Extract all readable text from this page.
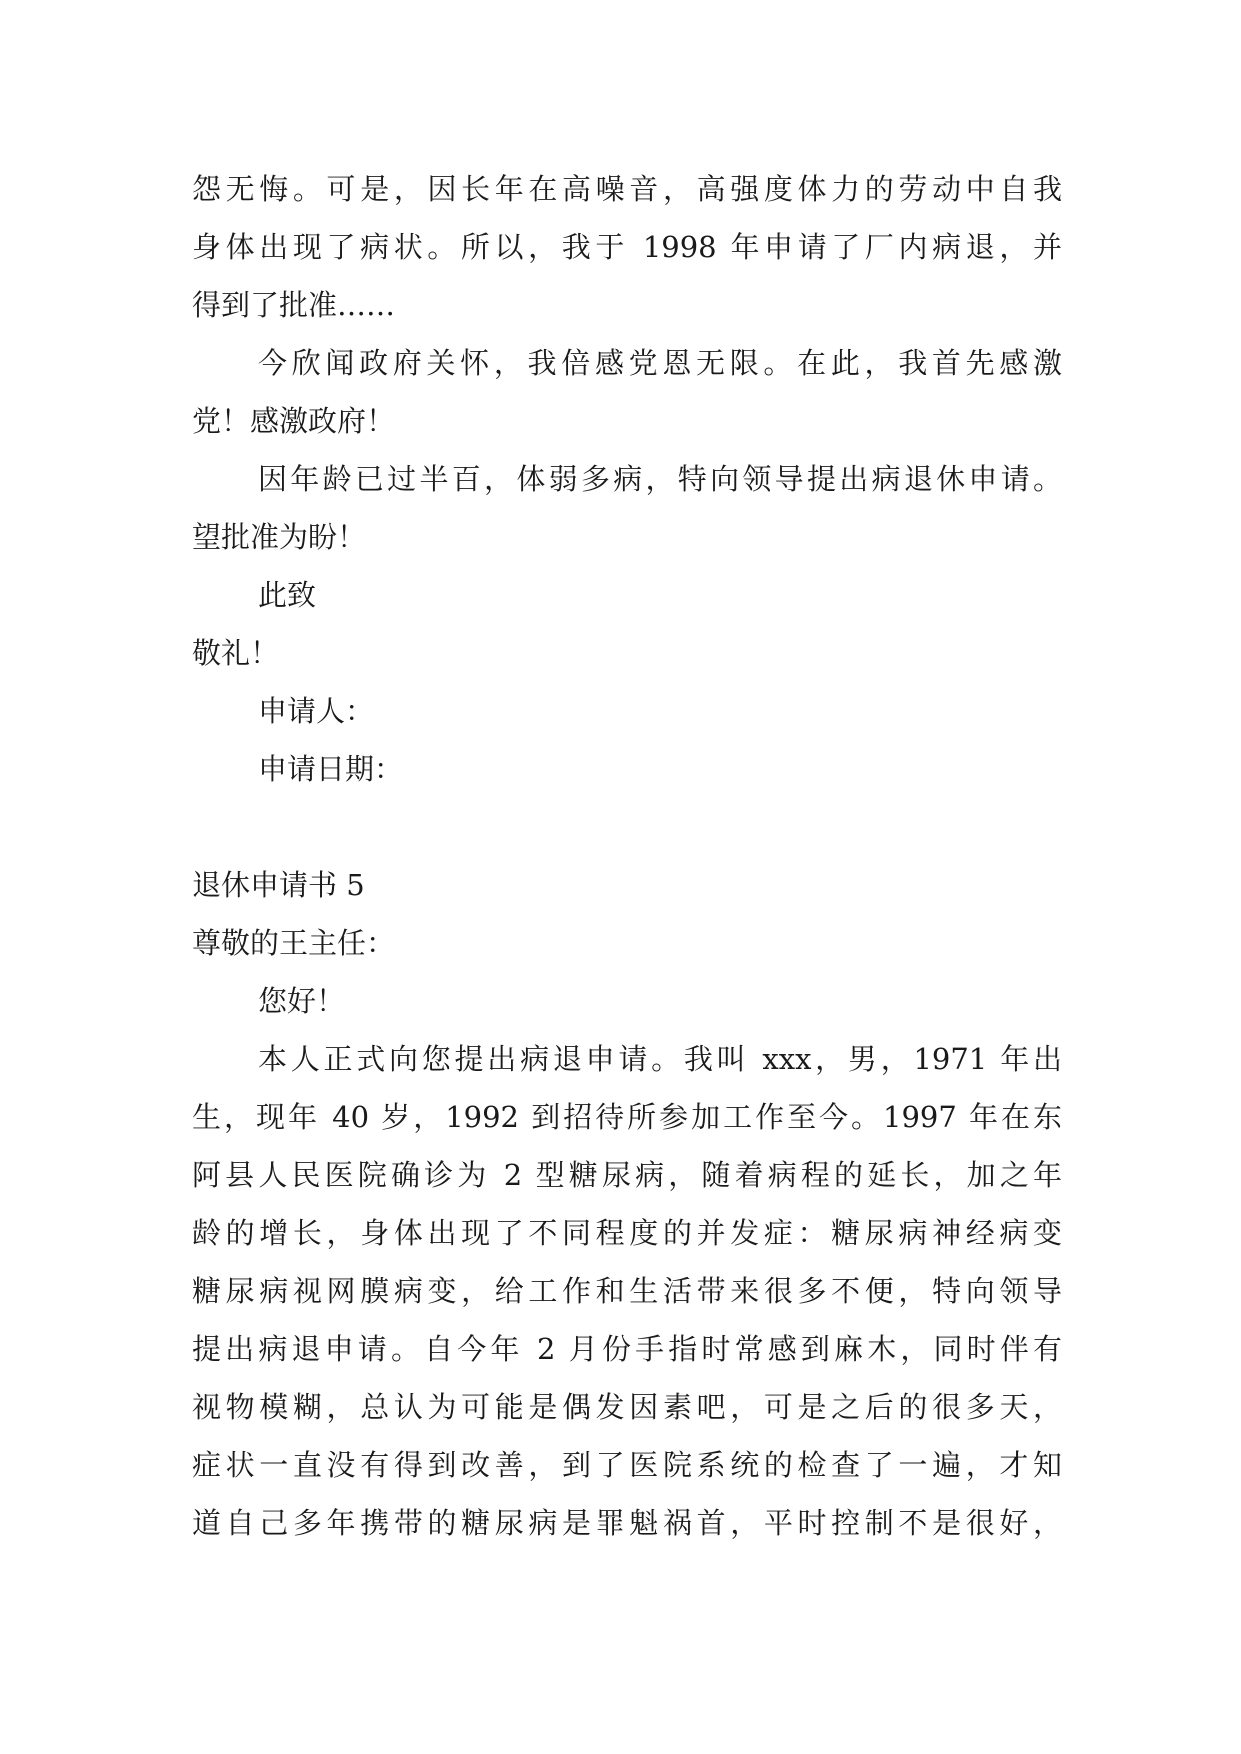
怨无悔。可是，因长年在高噪音，高强度体力的劳动中自我
身体出现了病状。所以，我于 1998 年申请了厂内病退，并
得到了批准……
今欣闻政府关怀，我倍感党恩无限。在此，我首先感激
党！感激政府！
因年龄已过半百，体弱多病，特向领导提出病退休申请。
望批准为盼！
此致
敬礼！
申请人：
申请日期：
退休申请书 5
尊敬的王主任：
您好！
本人正式向您提出病退申请。我叫 xxx，男，1971 年出
生，现年 40 岁，1992 到招待所参加工作至今。1997 年在东
阿县人民医院确诊为 2 型糖尿病，随着病程的延长，加之年
龄的增长，身体出现了不同程度的并发症：糖尿病神经病变
糖尿病视网膜病变，给工作和生活带来很多不便，特向领导
提出病退申请。自今年 2 月份手指时常感到麻木，同时伴有
视物模糊，总认为可能是偶发因素吧，可是之后的很多天，
症状一直没有得到改善，到了医院系统的检查了一遍，才知
道自己多年携带的糖尿病是罪魁祸首，平时控制不是很好，
